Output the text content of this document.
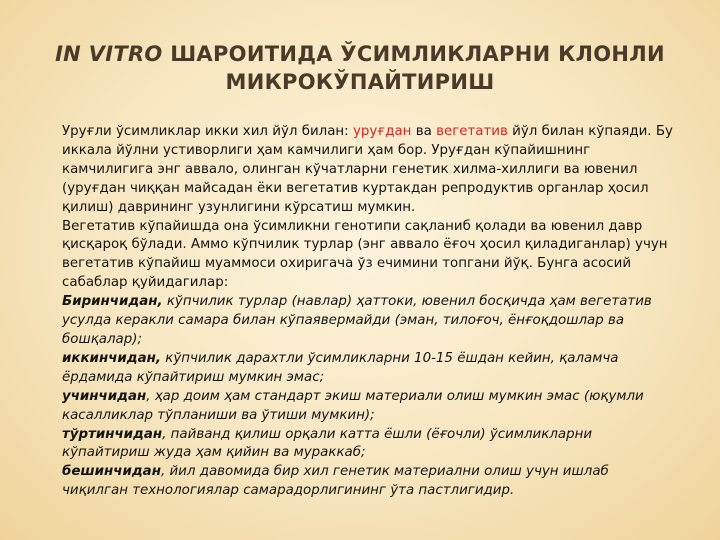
IN VITRO ШАРОИТИДА ЎСИМЛИКЛАРНИ КЛОНЛИ МИКРОКЎПАЙТИРИШ

Уруғли ўсимликлар икки хил йўл билан: уруғдан ва вегетатив йўл билан кўпаяди. Бу иккала йўлни устиворлиги ҳам камчилиги ҳам бор. Уруғдан кўпайишнинг камчилигига энг аввало, олинган кўчатларни генетик хилма-хиллиги ва ювенил (уруғдан чиққан майсадан ёки вегетатив куртакдан репродуктив органлар ҳосил қилиш) даврининг узунлигини кўрсатиш мумкин.

Вегетатив кўпайишда она ўсимликни генотипи сақланиб қолади ва ювенил давр қисқароқ бўлади. Аммо кўпчилик турлар (энг аввало ёғоч ҳосил қиладиганлар) учун вегетатив кўпайиш муаммоси охиригача ўз ечимини топгани йўқ. Бунга асосий сабаблар қуйидагилар:

Биринчидан, кўпчилик турлар (навлар) ҳаттоки, ювенил босқичда ҳам вегетатив усулда керакли самара билан кўпаявермайди (эман, тилоғоч, ёнғоқдошлар ва бошқалар);

иккинчидан, кўпчилик дарахтли ўсимликларни 10-15 ёшдан кейин, қаламча ёрдамида кўпайтириш мумкин эмас;

учинчидан, ҳар доим ҳам стандарт экиш материали олиш мумкин эмас (юқумли касалликлар тўпланиши ва ўтиши мумкин);

тўртинчидан, пайванд қилиш орқали катта ёшли (ёғочли) ўсимликларни кўпайтириш жуда ҳам қийин ва мураккаб;

бешинчидан, йил давомида бир хил генетик материални олиш учун ишлаб чиқилган технологиялар самарадорлигининг ўта пастлигидир.
